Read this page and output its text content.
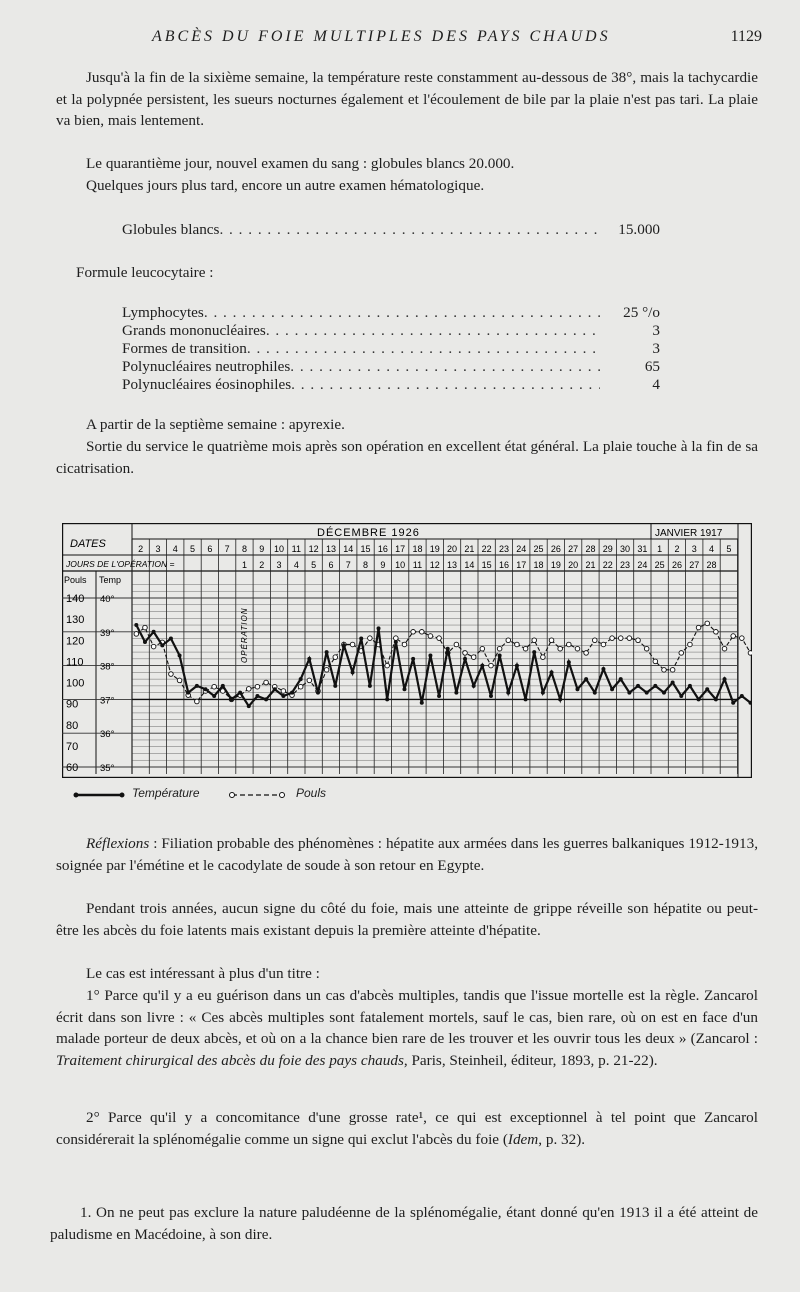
ABCÈS DU FOIE MULTIPLES DES PAYS CHAUDS	1129

Jusqu'à la fin de la sixième semaine, la température reste constamment au-dessous de 38°, mais la tachycardie et la polypnée persistent, les sueurs nocturnes également et l'écoulement de bile par la plaie n'est pas tari. La plaie va bien, mais lentement.

Le quarantième jour, nouvel examen du sang : globules blancs 20.000.

Quelques jours plus tard, encore un autre examen hématologique.

Globules blancs . . .	15.000
Formule leucocytaire :
Lymphocytes . . .	25 °/o
Grands mononucléaires . . .	3
Formes de transition . . .	3
Polynucléaires neutrophiles . . .	65
Polynucléaires éosinophiles . . .	4

A partir de la septième semaine : apyrexie.

Sortie du service le quatrième mois après son opération en excellent état général. La plaie touche à la fin de sa cicatrisation.

DATES
DÉCEMBRE 1926	JANVIER 1917
JOURS DE L'OPÉRATION =
2 3 4 5 6 7 8 9 10 11 12 13 14 15 16 17 18 19 20 21 22 23 24 25 26 27 28 29 30 31 1 2 3 4 5
1 2 3 4 5 6 7 8 9 10 11 12 13 14 15 16 17 18 19 20 21 22 23 24 25 26 27 28
Pouls Temp
40°
39°
38°
37°
36°
35°
140
130
120
110
100
90
80
70
60
OPÉRATION
Température	Pouls

Réflexions : Filiation probable des phénomènes : hépatite aux armées dans les guerres balkaniques 1912-1913, soignée par l'émétine et le cacodylate de soude à son retour en Egypte.

Pendant trois années, aucun signe du côté du foie, mais une atteinte de grippe réveille son hépatite ou peut-être les abcès du foie latents mais existant depuis la première atteinte d'hépatite.

Le cas est intéressant à plus d'un titre :

1° Parce qu'il y a eu guérison dans un cas d'abcès multiples, tandis que l'issue mortelle est la règle. Zancarol écrit dans son livre : « Ces abcès multiples sont fatalement mortels, sauf le cas, bien rare, où on est en face d'un malade porteur de deux abcès, et où on a la chance bien rare de les trouver et les ouvrir tous les deux » (Zancarol : Traitement chirurgical des abcès du foie des pays chauds, Paris, Steinheil, éditeur, 1893, p. 21-22).

2° Parce qu'il y a concomitance d'une grosse rate¹, ce qui est exceptionnel à tel point que Zancarol considérerait la splénomégalie comme un signe qui exclut l'abcès du foie (Idem, p. 32).

1. On ne peut pas exclure la nature paludéenne de la splénomégalie, étant donné qu'en 1913 il a été atteint de paludisme en Macédoine, à son dire.
